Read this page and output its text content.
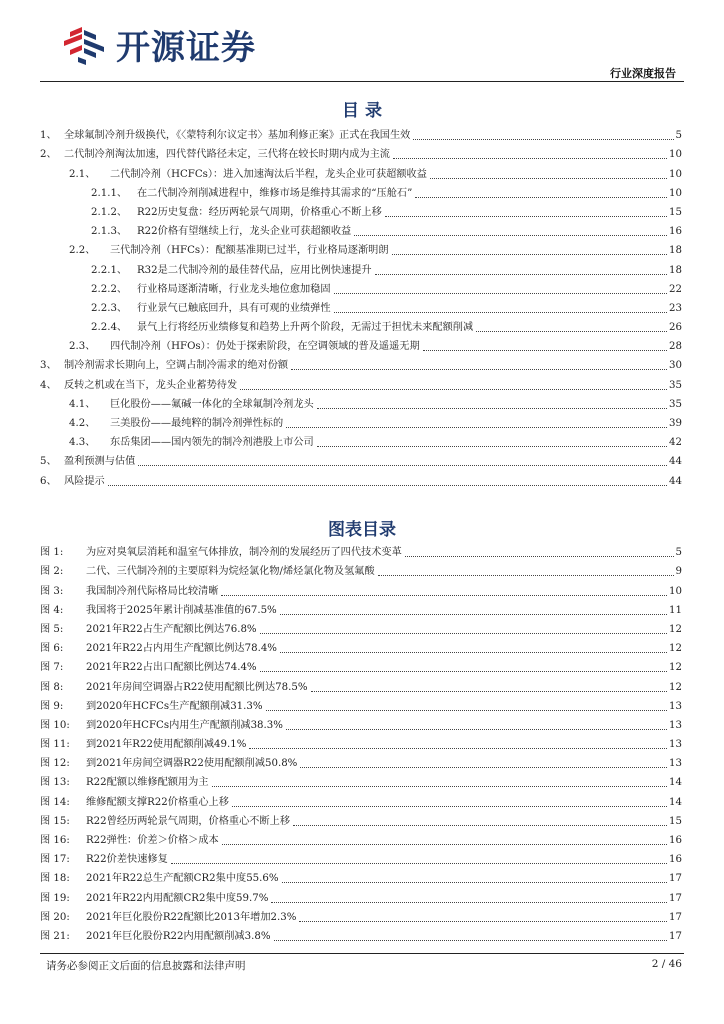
开源证券
行业深度报告
目 录
1、 全球氟制冷剂升级换代，《〈蒙特利尔议定书〉基加利修正案》正式在我国生效	5
2、 二代制冷剂淘汰加速，四代替代路径未定，三代将在较长时期内成为主流	10
2.1、	二代制冷剂（HCFCs）：进入加速淘汰后半程，龙头企业可获超额收益	10
2.1.1、 在二代制冷剂削减进程中，维修市场是维持其需求的“压舱石”	10
2.1.2、 R22历史复盘：经历两轮景气周期，价格重心不断上移	15
2.1.3、 R22价格有望继续上行，龙头企业可获超额收益	16
2.2、	三代制冷剂（HFCs）：配额基准期已过半，行业格局逐渐明朗	18
2.2.1、 R32是二代制冷剂的最佳替代品，应用比例快速提升	18
2.2.2、 行业格局逐渐清晰，行业龙头地位愈加稳固	22
2.2.3、 行业景气已触底回升，具有可观的业绩弹性	23
2.2.4、 景气上行将经历业绩修复和趋势上升两个阶段，无需过于担忧未来配额削减	26
2.3、	四代制冷剂（HFOs）：仍处于探索阶段，在空调领域的普及遥遥无期	28
3、 制冷剂需求长期向上，空调占制冷需求的绝对份额	30
4、 反转之机或在当下，龙头企业蓄势待发	35
4.1、	巨化股份——氟碱一体化的全球氟制冷剂龙头	35
4.2、	三美股份——最纯粹的制冷剂弹性标的	39
4.3、	东岳集团——国内领先的制冷剂港股上市公司	42
5、 盈利预测与估值	44
6、 风险提示	44
图表目录
图 1:	为应对臭氧层消耗和温室气体排放，制冷剂的发展经历了四代技术变革	5
图 2:	二代、三代制冷剂的主要原料为烷烃氯化物/烯烃氯化物及氢氟酸	9
图 3:	我国制冷剂代际格局比较清晰	10
图 4:	我国将于2025年累计削减基准值的67.5%	11
图 5:	2021年R22占生产配额比例达76.8%	12
图 6:	2021年R22占内用生产配额比例达78.4%	12
图 7:	2021年R22占出口配额比例达74.4%	12
图 8:	2021年房间空调器占R22使用配额比例达78.5%	12
图 9:	到2020年HCFCs生产配额削减31.3%	13
图 10:	到2020年HCFCs内用生产配额削减38.3%	13
图 11:	到2021年R22使用配额削减49.1%	13
图 12:	到2021年房间空调器R22使用配额削减50.8%	13
图 13:	R22配额以维修配额用为主	14
图 14:	维修配额支撑R22价格重心上移	14
图 15:	R22曾经历两轮景气周期，价格重心不断上移	15
图 16:	R22弹性：价差＞价格＞成本	16
图 17:	R22价差快速修复	16
图 18:	2021年R22总生产配额CR2集中度55.6%	17
图 19:	2021年R22内用配额CR2集中度59.7%	17
图 20:	2021年巨化股份R22配额比2013年增加2.3%	17
图 21:	2021年巨化股份R22内用配额削减3.8%	17
请务必参阅正文后面的信息披露和法律声明	2 / 46
